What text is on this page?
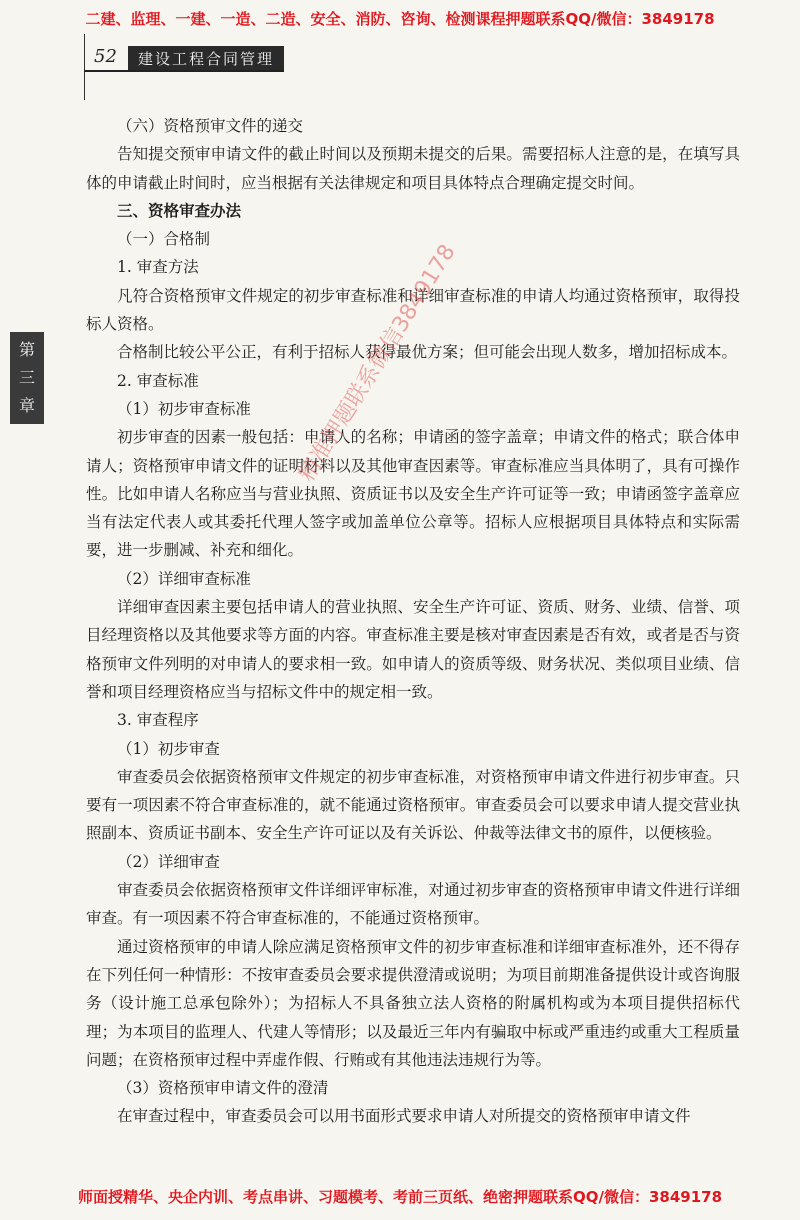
二建、监理、一建、一造、二造、安全、消防、咨询、检测课程押题联系QQ/微信：3849178
52	建设工程合同管理
第
三
章

（六）资格预审文件的递交

告知提交预审申请文件的截止时间以及预期未提交的后果。需要招标人注意的是，在填写具体的申请截止时间时，应当根据有关法律规定和项目具体特点合理确定提交时间。

三、资格审查办法

（一）合格制

1. 审查方法

凡符合资格预审文件规定的初步审查标准和详细审查标准的申请人均通过资格预审，取得投标人资格。

合格制比较公平公正，有利于招标人获得最优方案；但可能会出现人数多，增加招标成本。

2. 审查标准

（1）初步审查标准

初步审查的因素一般包括：申请人的名称；申请函的签字盖章；申请文件的格式；联合体申请人；资格预审申请文件的证明材料以及其他审查因素等。审查标准应当具体明了，具有可操作性。比如申请人名称应当与营业执照、资质证书以及安全生产许可证等一致；申请函签字盖章应当有法定代表人或其委托代理人签字或加盖单位公章等。招标人应根据项目具体特点和实际需要，进一步删减、补充和细化。

（2）详细审查标准

详细审查因素主要包括申请人的营业执照、安全生产许可证、资质、财务、业绩、信誉、项目经理资格以及其他要求等方面的内容。审查标准主要是核对审查因素是否有效，或者是否与资格预审文件列明的对申请人的要求相一致。如申请人的资质等级、财务状况、类似项目业绩、信誉和项目经理资格应当与招标文件中的规定相一致。

3. 审查程序

（1）初步审查

审查委员会依据资格预审文件规定的初步审查标准，对资格预审申请文件进行初步审查。只要有一项因素不符合审查标准的，就不能通过资格预审。审查委员会可以要求申请人提交营业执照副本、资质证书副本、安全生产许可证以及有关诉讼、仲裁等法律文书的原件，以便核验。

（2）详细审查

审查委员会依据资格预审文件详细评审标准，对通过初步审查的资格预审申请文件进行详细审查。有一项因素不符合审查标准的，不能通过资格预审。

通过资格预审的申请人除应满足资格预审文件的初步审查标准和详细审查标准外，还不得存在下列任何一种情形：不按审查委员会要求提供澄清或说明；为项目前期准备提供设计或咨询服务（设计施工总承包除外）；为招标人不具备独立法人资格的附属机构或为本项目提供招标代理；为本项目的监理人、代建人等情形；以及最近三年内有骗取中标或严重违约或重大工程质量问题；在资格预审过程中弄虚作假、行贿或有其他违法违规行为等。

（3）资格预审申请文件的澄清

在审查过程中，审查委员会可以用书面形式要求申请人对所提交的资格预审申请文件

精准押题联系微信3849178
师面授精华、央企内训、考点串讲、习题模考、考前三页纸、绝密押题联系QQ/微信：3849178
